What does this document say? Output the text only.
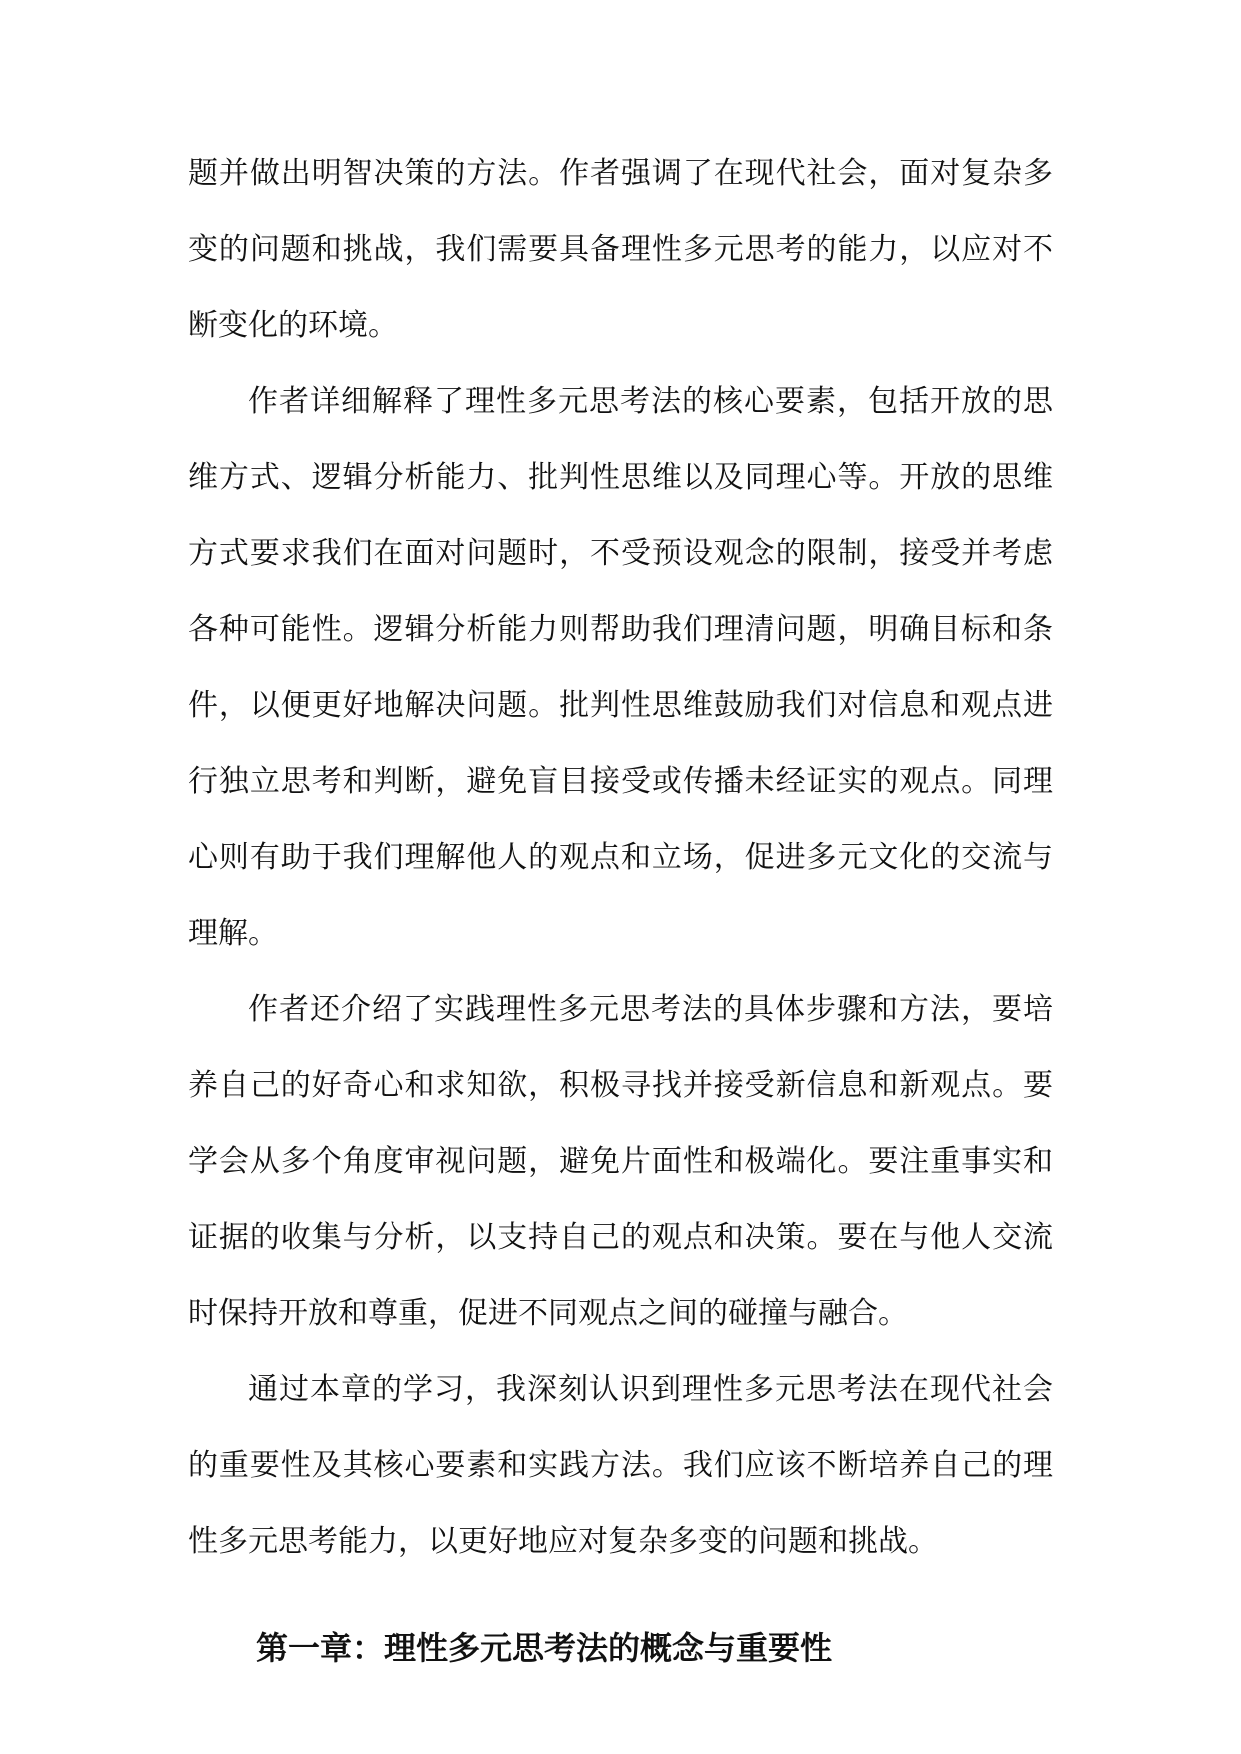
题并做出明智决策的方法。作者强调了在现代社会，面对复杂多变的问题和挑战，我们需要具备理性多元思考的能力，以应对不断变化的环境。

作者详细解释了理性多元思考法的核心要素，包括开放的思维方式、逻辑分析能力、批判性思维以及同理心等。开放的思维方式要求我们在面对问题时，不受预设观念的限制，接受并考虑各种可能性。逻辑分析能力则帮助我们理清问题，明确目标和条件，以便更好地解决问题。批判性思维鼓励我们对信息和观点进行独立思考和判断，避免盲目接受或传播未经证实的观点。同理心则有助于我们理解他人的观点和立场，促进多元文化的交流与理解。

作者还介绍了实践理性多元思考法的具体步骤和方法，要培养自己的好奇心和求知欲，积极寻找并接受新信息和新观点。要学会从多个角度审视问题，避免片面性和极端化。要注重事实和证据的收集与分析，以支持自己的观点和决策。要在与他人交流时保持开放和尊重，促进不同观点之间的碰撞与融合。

通过本章的学习，我深刻认识到理性多元思考法在现代社会的重要性及其核心要素和实践方法。我们应该不断培养自己的理性多元思考能力，以更好地应对复杂多变的问题和挑战。

第一章：理性多元思考法的概念与重要性
